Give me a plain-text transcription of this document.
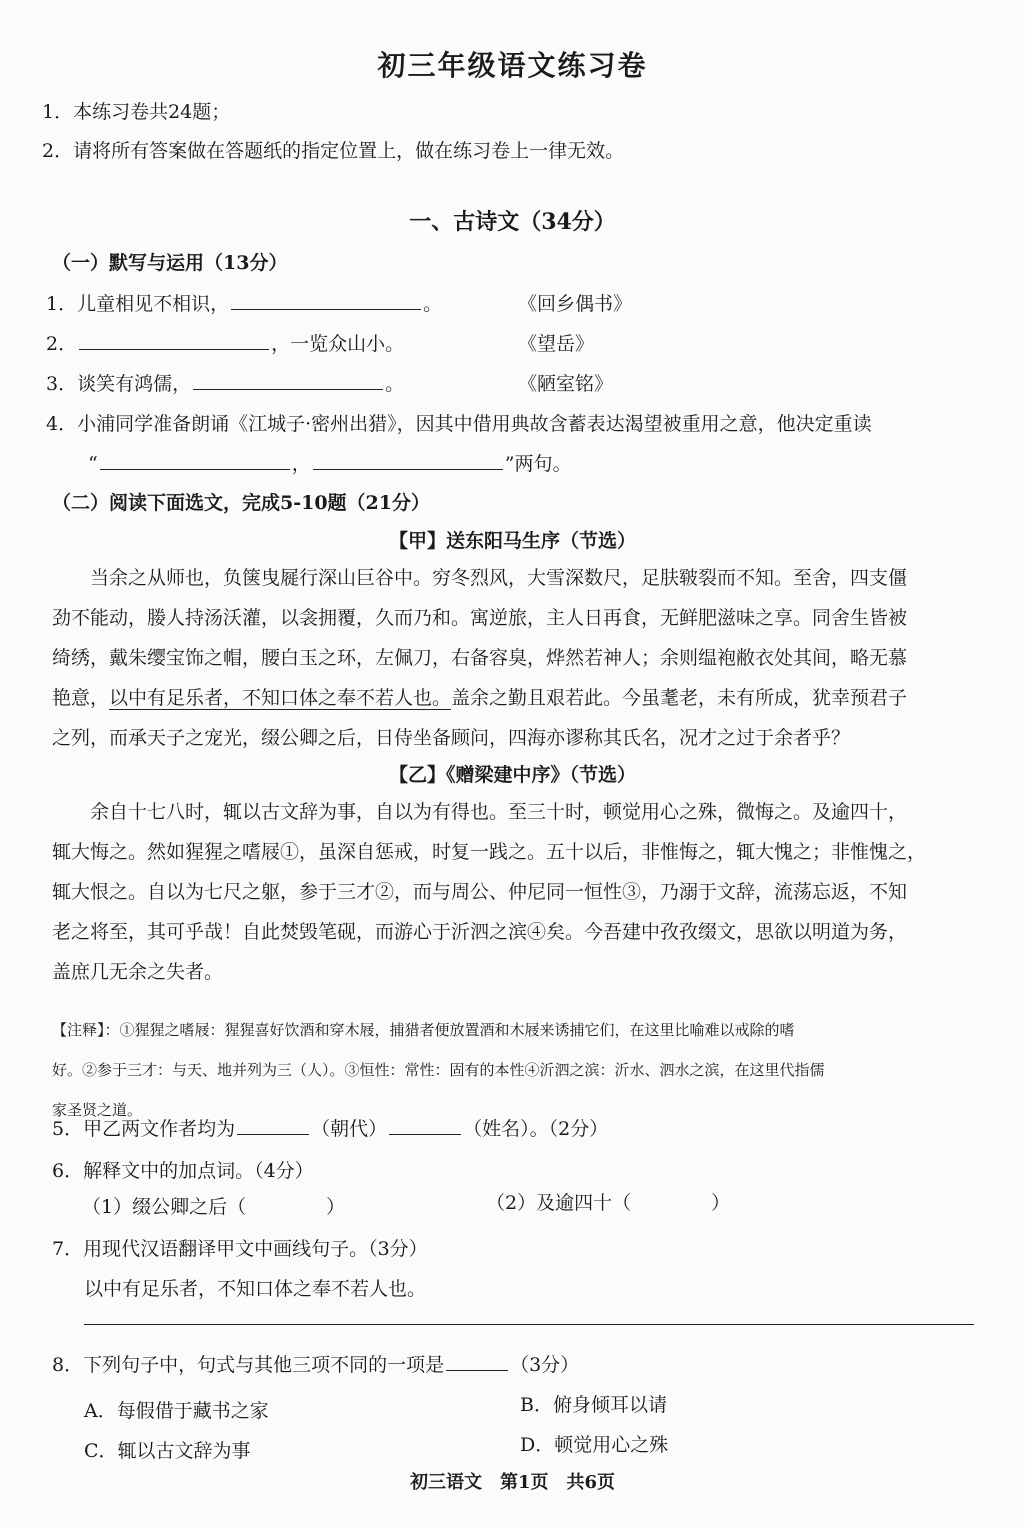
初三年级语文练习卷
1．本练习卷共24题；
2．请将所有答案做在答题纸的指定位置上，做在练习卷上一律无效。
一、古诗文（34分）
（一）默写与运用（13分）
1．儿童相见不相识，	。	《回乡偶书》
2．	，一览众山小。	《望岳》
3．谈笑有鸿儒，	。	《陋室铭》
4．小浦同学准备朗诵《江城子·密州出猎》，因其中借用典故含蓄表达渴望被重用之意，他决定重读
“	，	”两句。
（二）阅读下面选文，完成5-10题（21分）
【甲】送东阳马生序（节选）
当余之从师也，负箧曳屣行深山巨谷中。穷冬烈风，大雪深数尺，足肤皲裂而不知。至舍，四支僵
劲不能动，媵人持汤沃灌，以衾拥覆，久而乃和。寓逆旅，主人日再食，无鲜肥滋味之享。同舍生皆被
绮绣，戴朱缨宝饰之帽，腰白玉之环，左佩刀，右备容臭，烨然若神人；余则缊袍敝衣处其间，略无慕
艳意，以中有足乐者，不知口体之奉不若人也。盖余之勤且艰若此。今虽耄老，未有所成，犹幸预君子
之列，而承天子之宠光，缀公卿之后，日侍坐备顾问，四海亦谬称其氏名，况才之过于余者乎？
【乙】《赠梁建中序》（节选）
余自十七八时，辄以古文辞为事，自以为有得也。至三十时，顿觉用心之殊，微悔之。及逾四十，
辄大悔之。然如猩猩之嗜屐①，虽深自惩戒，时复一践之。五十以后，非惟悔之，辄大愧之；非惟愧之，
辄大恨之。自以为七尺之躯，参于三才②，而与周公、仲尼同一恒性③，乃溺于文辞，流荡忘返，不知
老之将至，其可乎哉！自此焚毁笔砚，而游心于沂泗之滨④矣。今吾建中孜孜缀文，思欲以明道为务，
盖庶几无余之失者。
【注释】：①猩猩之嗜屐：猩猩喜好饮酒和穿木屐，捕猎者便放置酒和木屐来诱捕它们，在这里比喻难以戒除的嗜
好。②参于三才：与天、地并列为三（人）。③恒性：常性：固有的本性④沂泗之滨：沂水、泗水之滨，在这里代指儒
家圣贤之道。
5．甲乙两文作者均为	（朝代）	（姓名）。（2分）
6．解释文中的加点词。（4分）
（1）缀公卿之后（	）	（2）及逾四十（	）
7．用现代汉语翻译甲文中画线句子。（3分）
以中有足乐者，不知口体之奉不若人也。
8．下列句子中，句式与其他三项不同的一项是	（3分）
A．每假借于藏书之家	B．俯身倾耳以请
C．辄以古文辞为事	D．顿觉用心之殊
初三语文　第1页　共6页
